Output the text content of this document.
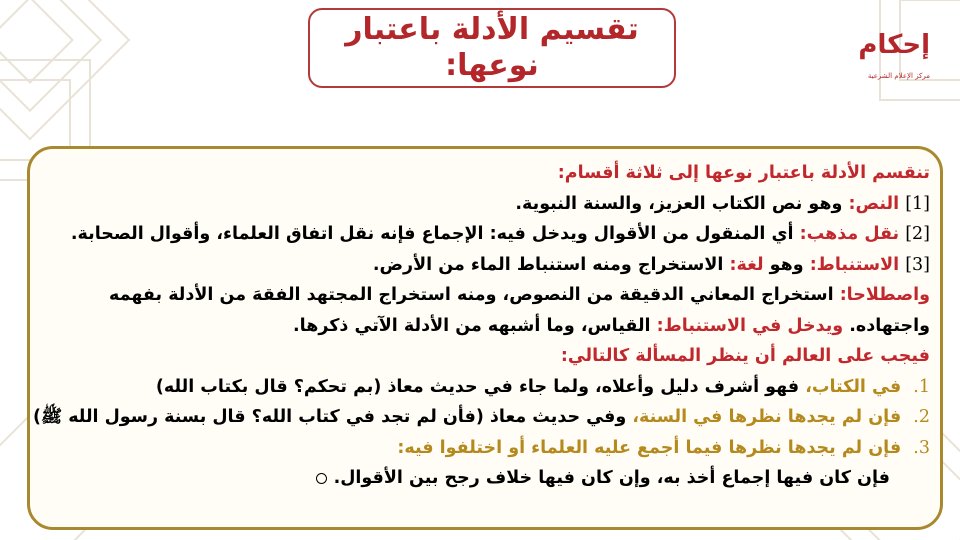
تقسيم الأدلة باعتبار
نوعها:
إحكام
مركز الإعلام الشرعية
تنقسم الأدلة باعتبار نوعها إلى ثلاثة أقسام:
[1] النص: وهو نص الكتاب العزيز، والسنة النبوية.
[2] نقل مذهب: أي المنقول من الأقوال ويدخل فيه: الإجماع فإنه نقل اتفاق العلماء، وأقوال الصحابة.
[3] الاستنباط: وهو لغة: الاستخراج ومنه استنباط الماء من الأرض.
واصطلاحا: استخراج المعاني الدقيقة من النصوص، ومنه استخراج المجتهد الفقهَ من الأدلة بفهمه
واجتهاده. ويدخل في الاستنباط: القياس، وما أشبهه من الأدلة الآتي ذكرها.
فيجب على العالم أن ينظر المسألة كالتالي:
1. في الكتاب، فهو أشرف دليل وأعلاه، ولما جاء في حديث معاذ (بم تحكم؟ قال بكتاب الله)
2. فإن لم يجدها نظرها في السنة، وفي حديث معاذ (فأن لم تجد في كتاب الله؟ قال بسنة رسول الله ﷺ)
3. فإن لم يجدها نظرها فيما أجمع عليه العلماء أو اختلفوا فيه:
فإن كان فيها إجماع أخذ به، وإن كان فيها خلاف رجح بين الأقوال.
